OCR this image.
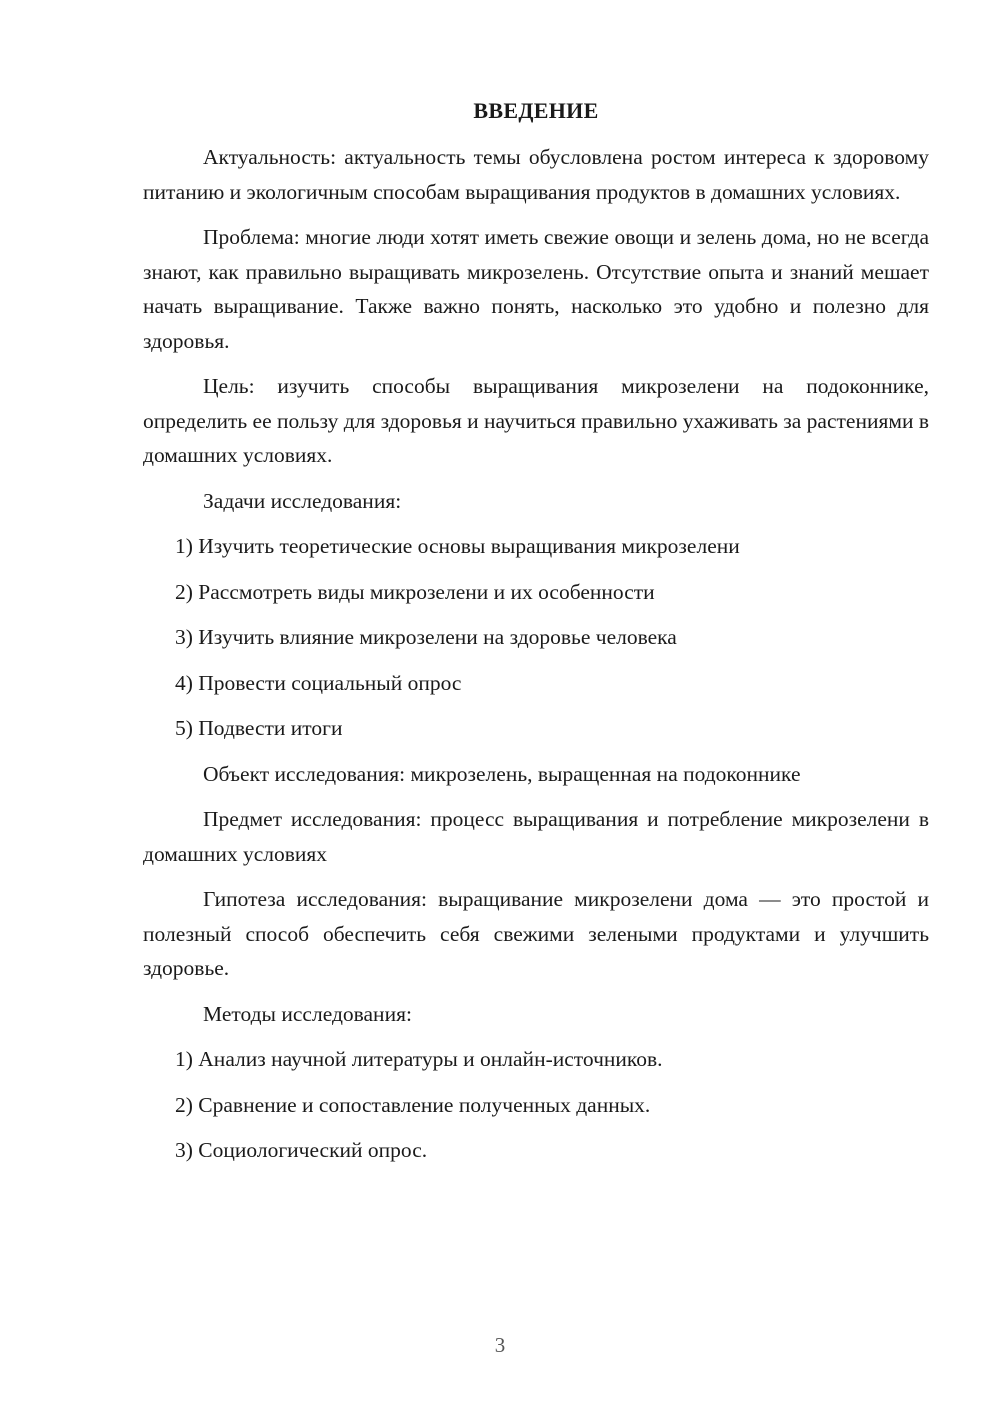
ВВЕДЕНИЕ

Актуальность: актуальность темы обусловлена ростом интереса к здоровому питанию и экологичным способам выращивания продуктов в домашних условиях.

Проблема: многие люди хотят иметь свежие овощи и зелень дома, но не всегда знают, как правильно выращивать микрозелень. Отсутствие опыта и знаний мешает начать выращивание. Также важно понять, насколько это удобно и полезно для здоровья.

Цель: изучить способы выращивания микрозелени на подоконнике, определить ее пользу для здоровья и научиться правильно ухаживать за растениями в домашних условиях.

Задачи исследования:

1) Изучить теоретические основы выращивания микрозелени
2) Рассмотреть виды микрозелени и их особенности
3) Изучить влияние микрозелени на здоровье человека
4) Провести социальный опрос
5) Подвести итоги

Объект исследования: микрозелень, выращенная на подоконнике

Предмет исследования: процесс выращивания и потребление микрозелени в домашних условиях

Гипотеза исследования: выращивание микрозелени дома — это простой и полезный способ обеспечить себя свежими зелеными продуктами и улучшить здоровье.

Методы исследования:

1) Анализ научной литературы и онлайн-источников.
2) Сравнение и сопоставление полученных данных.
3) Социологический опрос.
3
